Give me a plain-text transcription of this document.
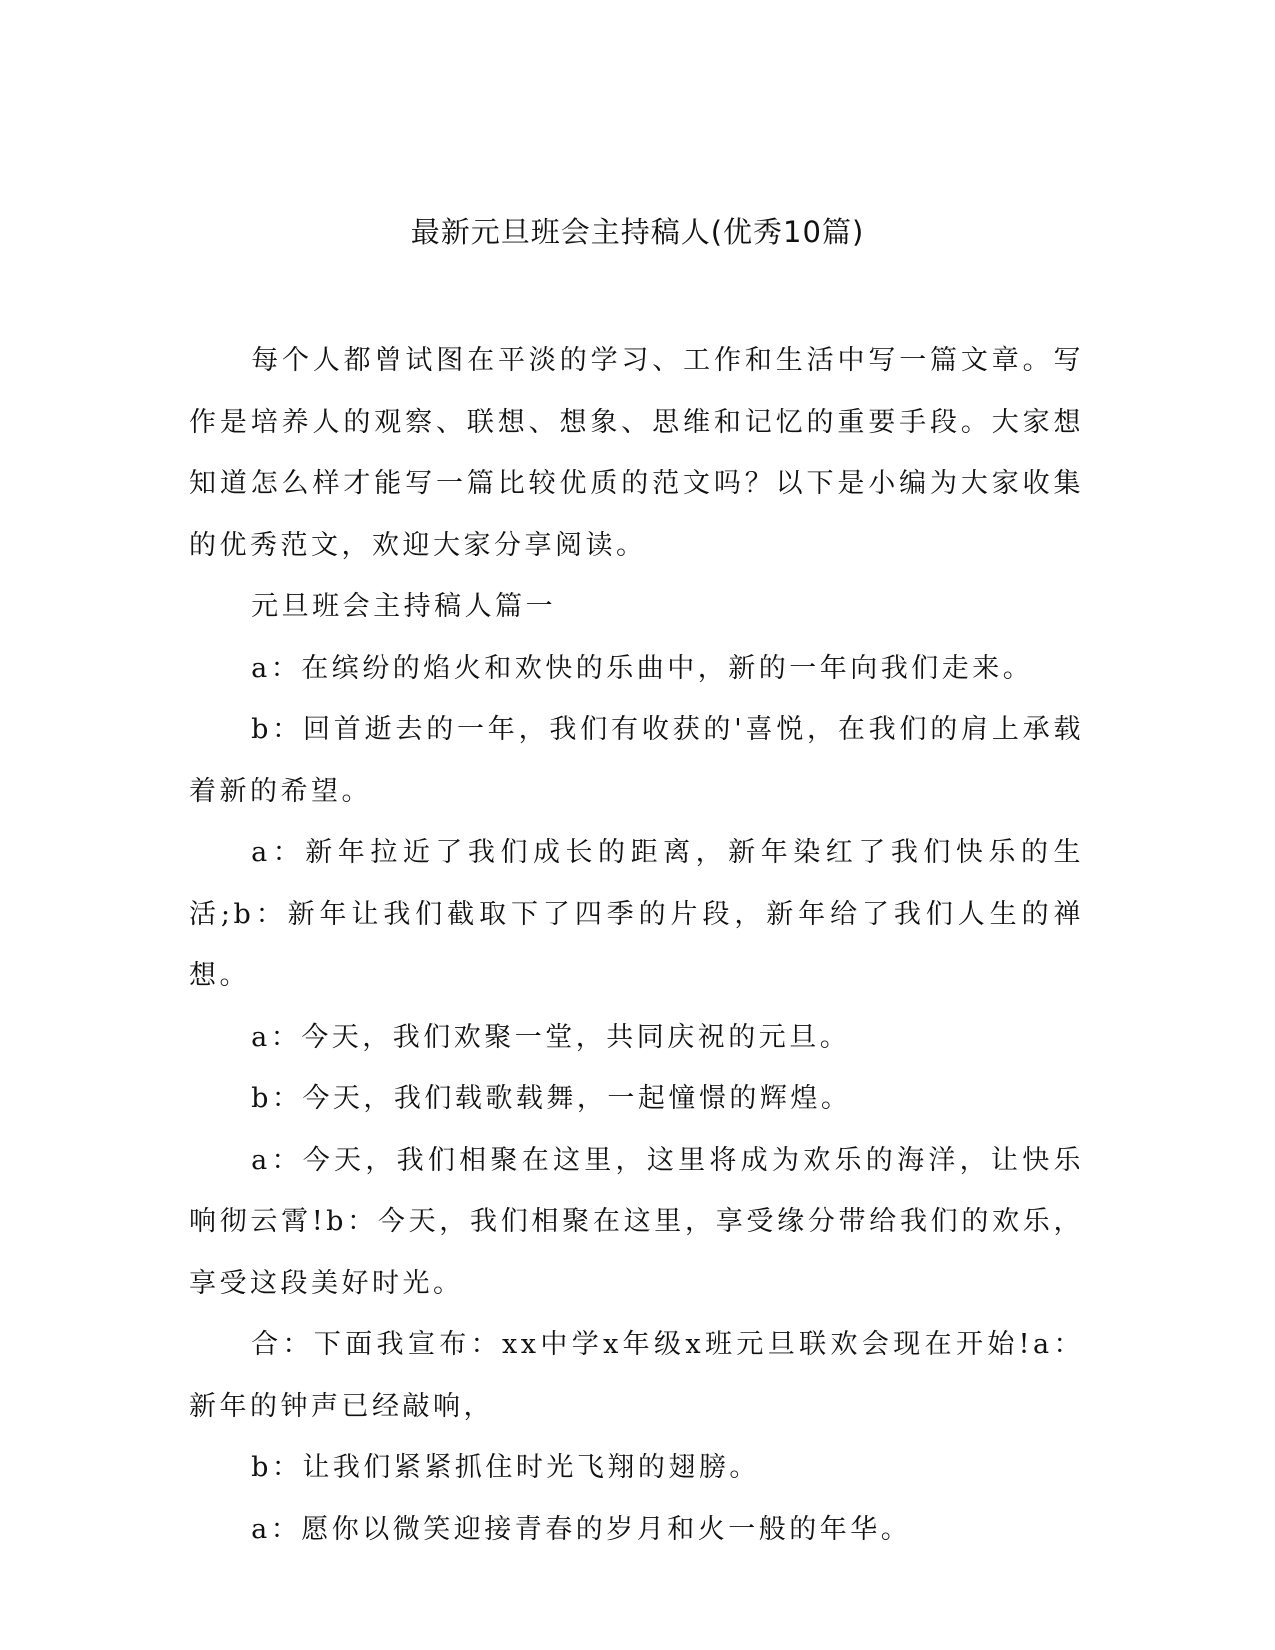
最新元旦班会主持稿人(优秀10篇)

每个人都曾试图在平淡的学习、工作和生活中写一篇文章。写作是培养人的观察、联想、想象、思维和记忆的重要手段。大家想知道怎么样才能写一篇比较优质的范文吗？以下是小编为大家收集的优秀范文，欢迎大家分享阅读。

元旦班会主持稿人篇一

a：在缤纷的焰火和欢快的乐曲中，新的一年向我们走来。

b：回首逝去的一年，我们有收获的'喜悦，在我们的肩上承载着新的希望。

a：新年拉近了我们成长的距离，新年染红了我们快乐的生活;b：新年让我们截取下了四季的片段，新年给了我们人生的禅想。

a：今天，我们欢聚一堂，共同庆祝的元旦。

b：今天，我们载歌载舞，一起憧憬的辉煌。

a：今天，我们相聚在这里，这里将成为欢乐的海洋，让快乐响彻云霄!b：今天，我们相聚在这里，享受缘分带给我们的欢乐，享受这段美好时光。

合：下面我宣布：xx中学x年级x班元旦联欢会现在开始!a：新年的钟声已经敲响，

b：让我们紧紧抓住时光飞翔的翅膀。

a：愿你以微笑迎接青春的岁月和火一般的年华。
